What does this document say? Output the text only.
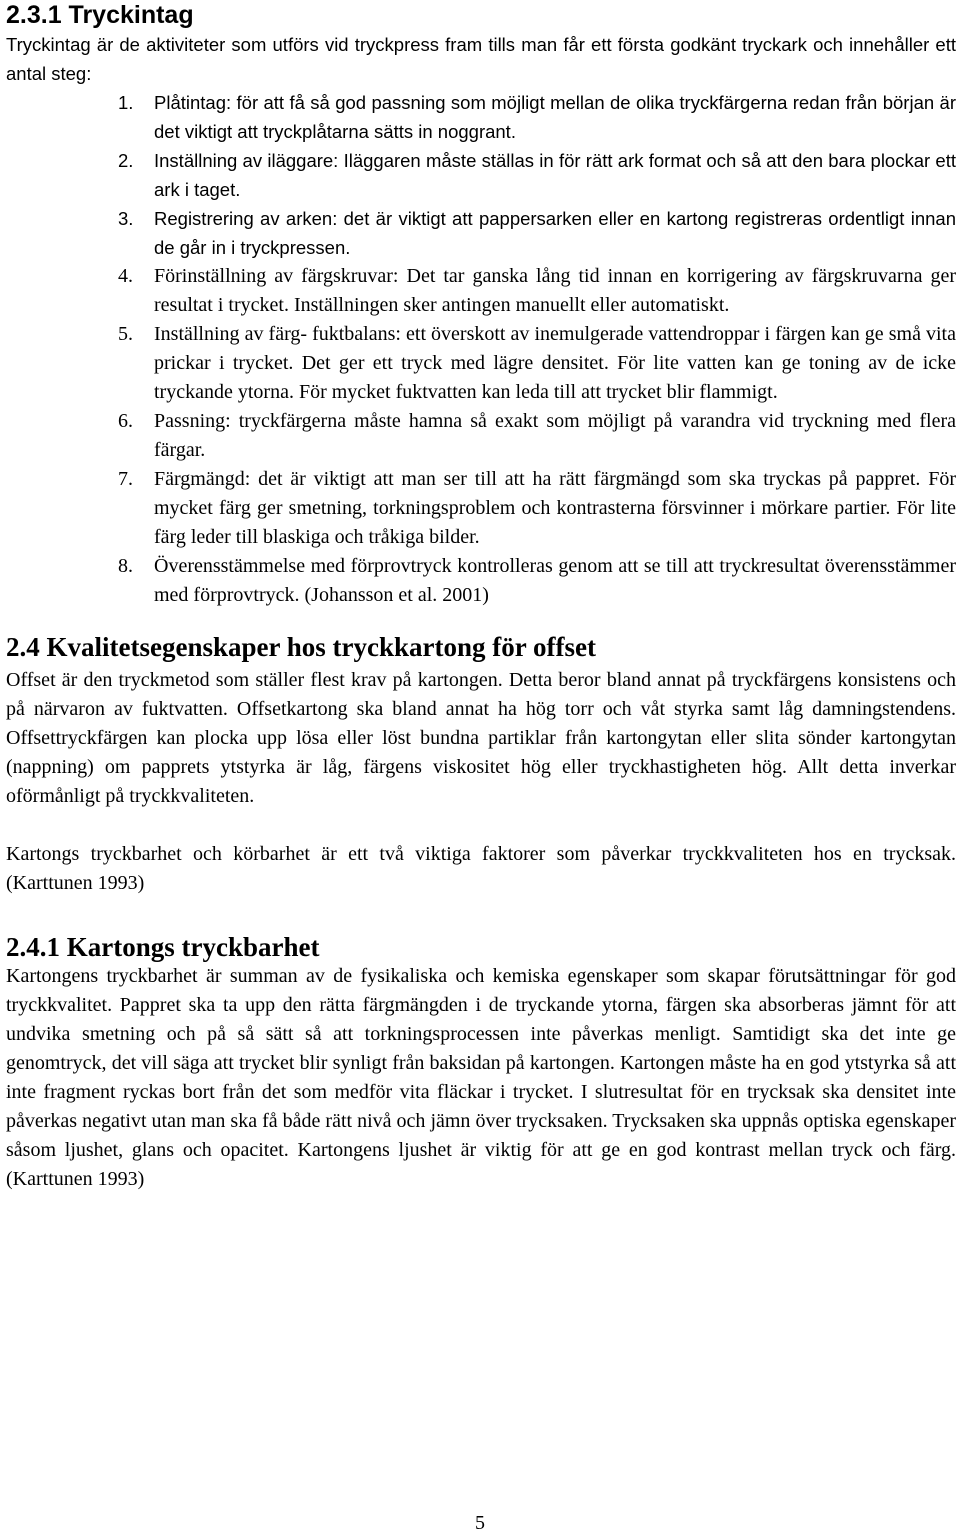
2.3.1 Tryckintag

Tryckintag är de aktiviteter som utförs vid tryckpress fram tills man får ett första godkänt tryckark och innehåller ett antal steg:

1. Plåtintag: för att få så god passning som möjligt mellan de olika tryckfärgerna redan från början är det viktigt att tryckplåtarna sätts in noggrant.
2. Inställning av iläggare: Iläggaren måste ställas in för rätt ark format och så att den bara plockar ett ark i taget.
3. Registrering av arken: det är viktigt att pappersarken eller en kartong registreras ordentligt innan de går in i tryckpressen.
4. Förinställning av färgskruvar: Det tar ganska lång tid innan en korrigering av färgskruvarna ger resultat i trycket. Inställningen sker antingen manuellt eller automatiskt.
5. Inställning av färg- fuktbalans: ett överskott av inemulgerade vattendroppar i färgen kan ge små vita prickar i trycket. Det ger ett tryck med lägre densitet. För lite vatten kan ge toning av de icke tryckande ytorna. För mycket fuktvatten kan leda till att trycket blir flammigt.
6. Passning: tryckfärgerna måste hamna så exakt som möjligt på varandra vid tryckning med flera färgar.
7. Färgmängd: det är viktigt att man ser till att ha rätt färgmängd som ska tryckas på pappret. För mycket färg ger smetning, torkningsproblem och kontrasterna försvinner i mörkare partier. För lite färg leder till blaskiga och tråkiga bilder.
8. Överensstämmelse med förprovtryck kontrolleras genom att se till att tryckresultat överensstämmer med förprovtryck. (Johansson et al. 2001)
2.4 Kvalitetsegenskaper hos tryckkartong för offset

Offset är den tryckmetod som ställer flest krav på kartongen. Detta beror bland annat på tryckfärgens konsistens och på närvaron av fuktvatten. Offsetkartong ska bland annat ha hög torr och våt styrka samt låg damningstendens. Offsettryckfärgen kan plocka upp lösa eller löst bundna partiklar från kartongytan eller slita sönder kartongytan (nappning) om papprets ytstyrka är låg, färgens viskositet hög eller tryckhastigheten hög. Allt detta inverkar oförmånligt på tryckkvaliteten.

Kartongs tryckbarhet och körbarhet är ett två viktiga faktorer som påverkar tryckkvaliteten hos en trycksak. (Karttunen 1993)

2.4.1 Kartongs tryckbarhet

Kartongens tryckbarhet är summan av de fysikaliska och kemiska egenskaper som skapar förutsättningar för god tryckkvalitet. Pappret ska ta upp den rätta färgmängden i de tryckande ytorna, färgen ska absorberas jämnt för att undvika smetning och på så sätt så att torkningsprocessen inte påverkas menligt. Samtidigt ska det inte ge genomtryck, det vill säga att trycket blir synligt från baksidan på kartongen. Kartongen måste ha en god ytstyrka så att inte fragment ryckas bort från det som medför vita fläckar i trycket. I slutresultat för en trycksak ska densitet inte påverkas negativt utan man ska få både rätt nivå och jämn över trycksaken. Trycksaken ska uppnås optiska egenskaper såsom ljushet, glans och opacitet. Kartongens ljushet är viktig för att ge en god kontrast mellan tryck och färg. (Karttunen 1993)

5
